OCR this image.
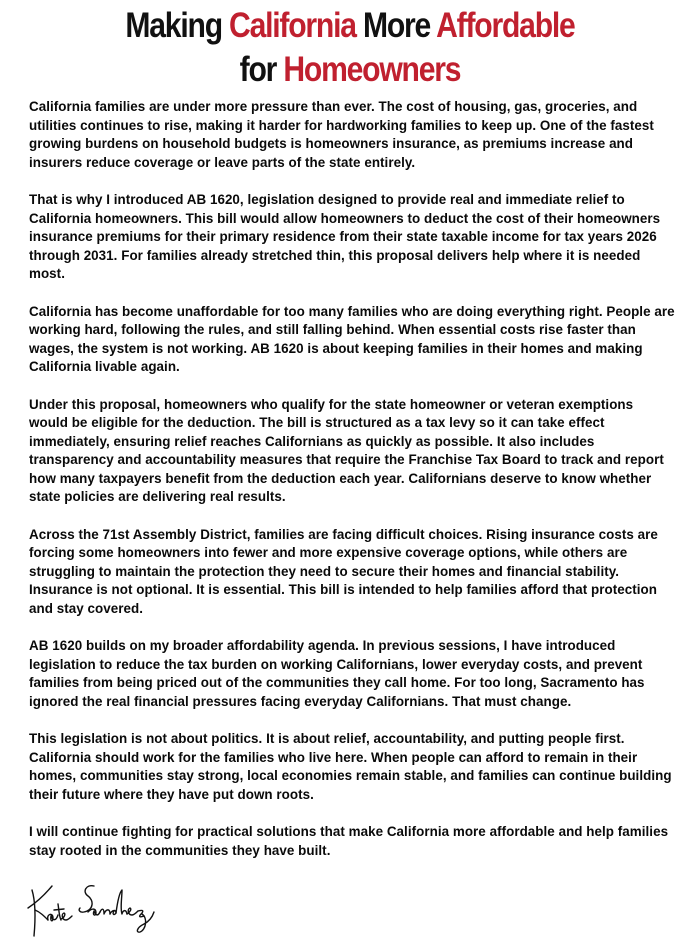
Making California More Affordable
for Homeowners

California families are under more pressure than ever. The cost of housing, gas, groceries, and utilities continues to rise, making it harder for hardworking families to keep up. One of the fastest growing burdens on household budgets is homeowners insurance, as premiums increase and insurers reduce coverage or leave parts of the state entirely.

That is why I introduced AB 1620, legislation designed to provide real and immediate relief to California homeowners. This bill would allow homeowners to deduct the cost of their homeowners insurance premiums for their primary residence from their state taxable income for tax years 2026 through 2031. For families already stretched thin, this proposal delivers help where it is needed most.

California has become unaffordable for too many families who are doing everything right. People are working hard, following the rules, and still falling behind. When essential costs rise faster than wages, the system is not working. AB 1620 is about keeping families in their homes and making California livable again.

Under this proposal, homeowners who qualify for the state homeowner or veteran exemptions would be eligible for the deduction. The bill is structured as a tax levy so it can take effect immediately, ensuring relief reaches Californians as quickly as possible. It also includes transparency and accountability measures that require the Franchise Tax Board to track and report how many taxpayers benefit from the deduction each year. Californians deserve to know whether state policies are delivering real results.

Across the 71st Assembly District, families are facing difficult choices. Rising insurance costs are forcing some homeowners into fewer and more expensive coverage options, while others are struggling to maintain the protection they need to secure their homes and financial stability. Insurance is not optional. It is essential. This bill is intended to help families afford that protection and stay covered.

AB 1620 builds on my broader affordability agenda. In previous sessions, I have introduced legislation to reduce the tax burden on working Californians, lower everyday costs, and prevent families from being priced out of the communities they call home. For too long, Sacramento has ignored the real financial pressures facing everyday Californians. That must change.

This legislation is not about politics. It is about relief, accountability, and putting people first. California should work for the families who live here. When people can afford to remain in their homes, communities stay strong, local economies remain stable, and families can continue building their future where they have put down roots.

I will continue fighting for practical solutions that make California more affordable and help families stay rooted in the communities they have built.
